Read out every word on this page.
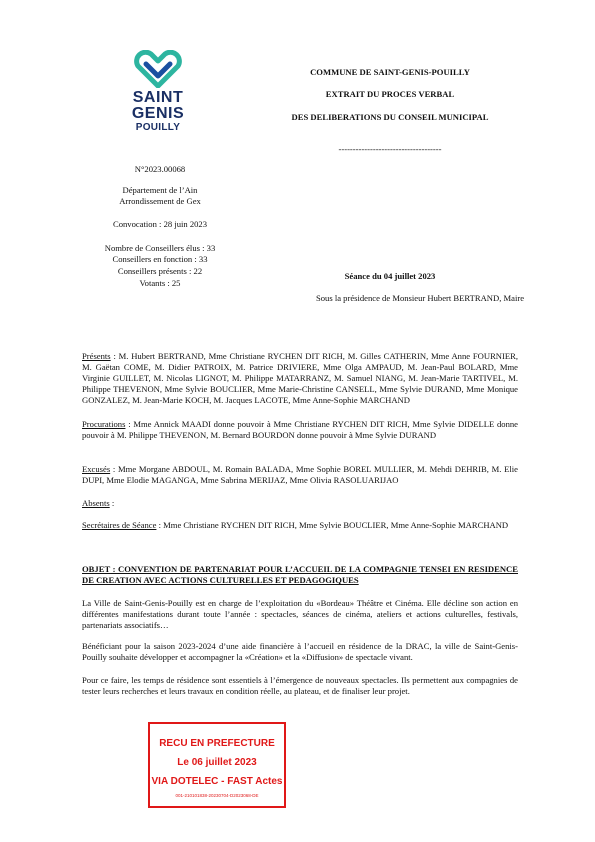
SAINT
GENIS
POUILLY
COMMUNE DE SAINT-GENIS-POUILLY
EXTRAIT DU PROCES VERBAL
DES DELIBERATIONS DU CONSEIL MUNICIPAL
------------------------------------
N°2023.00068
Département de l’Ain
Arrondissement de Gex
Convocation : 28 juin 2023
Nombre de Conseillers élus : 33
Conseillers en fonction : 33
Conseillers présents : 22
Votants : 25
Séance du 04 juillet 2023
Sous la présidence de Monsieur Hubert BERTRAND, Maire
Présents : M. Hubert BERTRAND, Mme Christiane RYCHEN DIT RICH, M. Gilles CATHERIN, Mme Anne FOURNIER, M. Gaëtan COME, M. Didier PATROIX, M. Patrice DRIVIERE, Mme Olga AMPAUD, M. Jean-Paul BOLARD, Mme Virginie GUILLET, M. Nicolas LIGNOT, M. Philippe MATARRANZ, M. Samuel NIANG, M. Jean-Marie TARTIVEL, M. Philippe THEVENON, Mme Sylvie BOUCLIER, Mme Marie-Christine CANSELL, Mme Sylvie DURAND, Mme Monique GONZALEZ, M. Jean-Marie KOCH, M. Jacques LACOTE, Mme Anne-Sophie MARCHAND
Procurations : Mme Annick MAADI donne pouvoir à Mme Christiane RYCHEN DIT RICH, Mme Sylvie DIDELLE donne pouvoir à M. Philippe THEVENON, M. Bernard BOURDON donne pouvoir à Mme Sylvie DURAND
Excusés : Mme Morgane ABDOUL, M. Romain BALADA, Mme Sophie BOREL MULLIER, M. Mehdi DEHRIB, M. Elie DUPI, Mme Elodie MAGANGA, Mme Sabrina MERIJAZ, Mme Olivia RASOLUARIJAO
Absents :
Secrétaires de Séance : Mme Christiane RYCHEN DIT RICH, Mme Sylvie BOUCLIER, Mme Anne-Sophie MARCHAND
OBJET : CONVENTION DE PARTENARIAT POUR L’ACCUEIL DE LA COMPAGNIE TENSEI EN RESIDENCE DE CREATION AVEC ACTIONS CULTURELLES ET PEDAGOGIQUES
La Ville de Saint-Genis-Pouilly est en charge de l’exploitation du «Bordeau» Théâtre et Cinéma. Elle décline son action en différentes manifestations durant toute l’année : spectacles, séances de cinéma, ateliers et actions culturelles, festivals, partenariats associatifs…
Bénéficiant pour la saison 2023-2024 d’une aide financière à l’accueil en résidence de la DRAC, la ville de Saint-Genis-Pouilly souhaite développer et accompagner la «Création» et la «Diffusion» de spectacle vivant.
Pour ce faire, les temps de résidence sont essentiels à l’émergence de nouveaux spectacles. Ils permettent aux compagnies de tester leurs recherches et leurs travaux en condition réelle, au plateau, et de finaliser leur projet.
RECU EN PREFECTURE
Le 06 juillet 2023
VIA DOTELEC - FAST Actes
001-210101838-20230704-D2023068-DE
